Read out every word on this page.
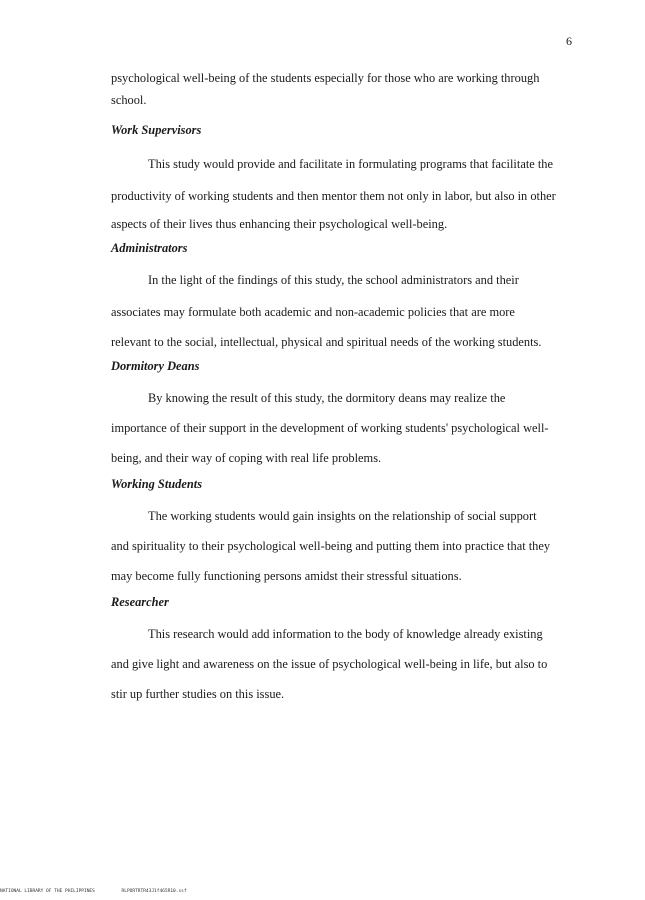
6
psychological well-being of the students especially for those who are working through
school.
Work Supervisors
This study would provide and facilitate in formulating programs that facilitate the
productivity of working students and then mentor them not only in labor, but also in other
aspects of their lives thus enhancing their psychological well-being.
Administrators
In the light of the findings of this study, the school administrators and their
associates may formulate both academic and non-academic policies that are more
relevant to the social, intellectual, physical and spiritual needs of the working students.
Dormitory Deans
By knowing the result of this study, the dormitory deans may realize the
importance of their support in the development of working students' psychological well-
being, and their way of coping with real life problems.
Working Students
The working students would gain insights on the relationship of social support
and spirituality to their psychological well-being and putting them into practice that they
may become fully functioning persons amidst their stressful situations.
Researcher
This research would add information to the body of knowledge already existing
and give light and awareness on the issue of psychological well-being in life, but also to
stir up further studies on this issue.
NATIONAL LIBRARY OF THE PHILIPPINES	RLPORTRTR43J1f465R10.ssf
